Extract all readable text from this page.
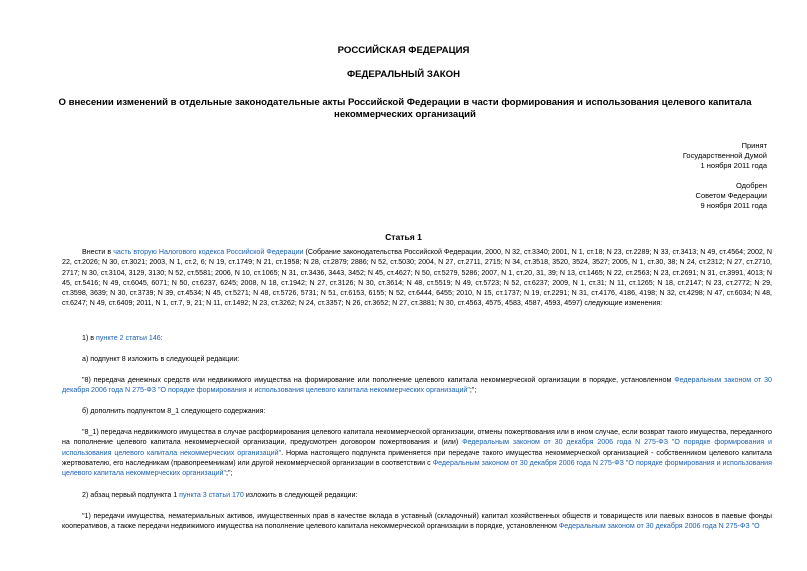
РОССИЙСКАЯ ФЕДЕРАЦИЯ
ФЕДЕРАЛЬНЫЙ ЗАКОН
О внесении изменений в отдельные законодательные акты Российской Федерации в части формирования и использования целевого капитала некоммерческих организаций
Принят
Государственной Думой
1 ноября 2011 года
Одобрен
Советом Федерации
9 ноября 2011 года
Статья 1
Внести в часть вторую Налогового кодекса Российской Федерации (Собрание законодательства Российской Федерации, 2000, N 32, ст.3340; 2001, N 1, ст.18; N 23, ст.2289; N 33, ст.3413; N 49, ст.4564; 2002, N 22, ст.2026; N 30, ст.3021; 2003, N 1, ст.2, 6; N 19, ст.1749; N 21, ст.1958; N 28, ст.2879; 2886; N 52, ст.5030; 2004, N 27, ст.2711, 2715; N 34, ст.3518, 3520, 3524, 3527; 2005, N 1, ст.30, 38; N 24, ст.2312; N 27, ст.2710, 2717; N 30, ст.3104, 3129, 3130; N 52, ст.5581; 2006, N 10, ст.1065; N 31, ст.3436, 3443, 3452; N 45, ст.4627; N 50, ст.5279, 5286; 2007, N 1, ст.20, 31, 39; N 13, ст.1465; N 22, ст.2563; N 23, ст.2691; N 31, ст.3991, 4013; N 45, ст.5416; N 49, ст.6045, 6071; N 50, ст.6237, 6245; 2008, N 18, ст.1942; N 27, ст.3126; N 30, ст.3614; N 48, ст.5519; N 49, ст.5723; N 52, ст.6237; 2009, N 1, ст.31; N 11, ст.1265; N 18, ст.2147; N 23, ст.2772; N 29, ст.3598, 3639; N 30, ст.3739; N 39, ст.4534; N 45, ст.5271; N 48, ст.5726, 5731; N 51, ст.6153, 6155; N 52, ст.6444, 6455; 2010, N 15, ст.1737; N 19, ст.2291; N 31, ст.4176, 4186, 4198; N 32, ст.4298; N 47, ст.6034; N 48, ст.6247; N 49, ст.6409; 2011, N 1, ст.7, 9, 21; N 11, ст.1492; N 23, ст.3262; N 24, ст.3357; N 26, ст.3652; N 27, ст.3881; N 30, ст.4563, 4575, 4583, 4587, 4593, 4597) следующие изменения:
1) в пункте 2 статьи 146:
а) подпункт 8 изложить в следующей редакции:
"8) передача денежных средств или недвижимого имущества на формирование или пополнение целевого капитала некоммерческой организации в порядке, установленном Федеральным законом от 30 декабря 2006 года N 275-ФЗ "О порядке формирования и использования целевого капитала некоммерческих организаций";";
б) дополнить подпунктом 8_1 следующего содержания:
"8_1) передача недвижимого имущества в случае расформирования целевого капитала некоммерческой организации, отмены пожертвования или в ином случае, если возврат такого имущества, переданного на пополнение целевого капитала некоммерческой организации, предусмотрен договором пожертвования и (или) Федеральным законом от 30 декабря 2006 года N 275-ФЗ "О порядке формирования и использования целевого капитала некоммерческих организаций". Норма настоящего подпункта применяется при передаче такого имущества некоммерческой организацией - собственником целевого капитала жертвователю, его наследникам (правопреемникам) или другой некоммерческой организации в соответствии с Федеральным законом от 30 декабря 2006 года N 275-ФЗ "О порядке формирования и использования целевого капитала некоммерческих организаций";";
2) абзац первый подпункта 1 пункта 3 статьи 170 изложить в следующей редакции:
"1) передачи имущества, нематериальных активов, имущественных прав в качестве вклада в уставный (складочный) капитал хозяйственных обществ и товариществ или паевых взносов в паевые фонды кооперативов, а также передачи недвижимого имущества на пополнение целевого капитала некоммерческой организации в порядке, установленном Федеральным законом от 30 декабря 2006 года N 275-ФЗ "О
